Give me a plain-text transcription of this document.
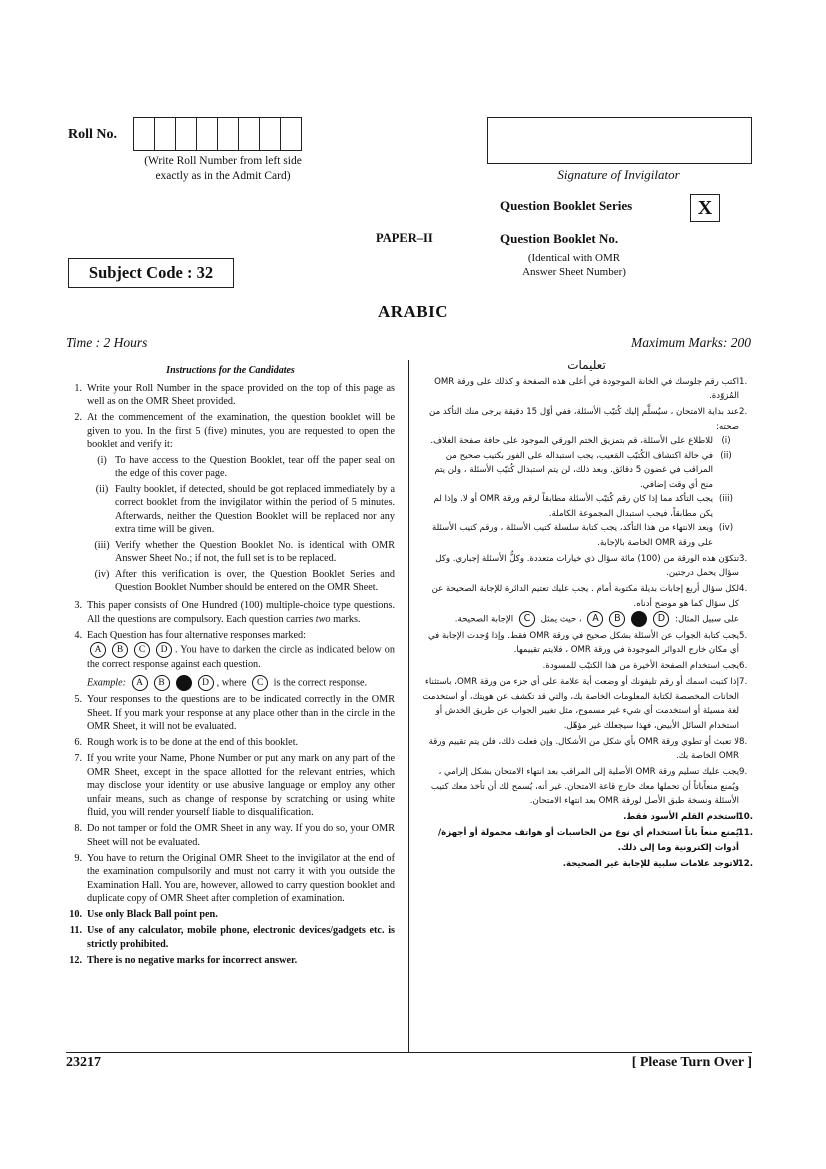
Roll No.
(Write Roll Number from left side
exactly as in the Admit Card)	Signature of Invigilator
Question Booklet Series	X
PAPER–II	Question Booklet No.
(Identical with OMR
Answer Sheet Number)
Subject Code : 32
ARABIC
Time : 2 Hours	Maximum Marks: 200
Instructions for the Candidates
1. Write your Roll Number in the space provided on the top of this page as well as on the OMR Sheet provided.
2. At the commencement of the examination, the question booklet will be given to you. In the first 5 (five) minutes, you are requested to open the booklet and verify it:
(i) To have access to the Question Booklet, tear off the paper seal on the edge of this cover page.
(ii) Faulty booklet, if detected, should be got replaced immediately by a correct booklet from the invigilator within the period of 5 minutes. Afterwards, neither the Question Booklet will be replaced nor any extra time will be given.
(iii) Verify whether the Question Booklet No. is identical with OMR Answer Sheet No.; if not, the full set is to be replaced.
(iv) After this verification is over, the Question Booklet Series and Question Booklet Number should be entered on the OMR Sheet.
3. This paper consists of One Hundred (100) multiple-choice type questions. All the questions are compulsory. Each question carries two marks.
4. Each Question has four alternative responses marked:
A B C D . You have to darken the circle as indicated below on the correct response against each question.
Example: A B C D , where C is the correct response.
5. Your responses to the questions are to be indicated correctly in the OMR Sheet. If you mark your response at any place other than in the circle in the OMR Sheet, it will not be evaluated.
6. Rough work is to be done at the end of this booklet.
7. If you write your Name, Phone Number or put any mark on any part of the OMR Sheet, except in the space allotted for the relevant entries, which may disclose your identity or use abusive language or employ any other unfair means, such as change of response by scratching or using white fluid, you will render yourself liable to disqualification.
8. Do not tamper or fold the OMR Sheet in any way. If you do so, your OMR Sheet will not be evaluated.
9. You have to return the Original OMR Sheet to the invigilator at the end of the examination compulsorily and must not carry it with you outside the Examination Hall. You are, however, allowed to carry question booklet and duplicate copy of OMR Sheet after completion of examination.
10. Use only Black Ball point pen.
11. Use of any calculator, mobile phone, electronic devices/gadgets etc. is strictly prohibited.
12. There is no negative marks for incorrect answer.
تعليمات
.1
اكتب رقم جلوسك في الخانة الموجودة في أعلى هذه الصفحة و كذلك على ورقة OMR المُزوّدة.
.2
عند بداية الامتحان ، سيُسلَّم إليك كُتيّب الأسئلة، ففي أوّل 15 دقيقة يرجى منك التأكد من صحته:
(i)
للاطلاع على الأسئلة، قم بتمزيق الختم الورقي الموجود على حافة صفحة الغلاف.
(ii)
في حالة اكتشاف الكُتيّب المَعيب، يجب استبداله على الفور بكتيب صحيح من المراقب في غضون 5 دقائق. وبعد ذلك، لن يتم استبدال كُتيّب الأسئلة ، ولن يتم منح أي وقت إضافي.
(iii)
يجب التأكد مما إذا كان رقم كُتيّب الأسئلة مطابقاً لرقم ورقة OMR أو لا. وإذا لم يكن مطابقاً، فيجب استبدال المجموعة الكاملة.
(iv)
وبعد الانتهاء من هذا التأكد، يجب كتابة سلسلة كتيب الأسئلة ، ورقم كتيب الأسئلة على ورقة OMR الخاصة بالإجابة.
.3
تتكوّن هذه الورقة من (100) مائة سؤال ذي خيارات متعددة. وكلُّ الأسئلة إجباري. وكل سؤال يحمل درجتين.
.4
لكل سؤال أربع إجابات بديلة مكتوبة أمام . يجب عليك تعتيم الدائرة للإجابة الصحيحة عن كل سؤال كما هو موضح أدناه.
على سبيل المثال: A B C D ، حيث يمثل C الإجابة الصحيحة.
.5
يجب كتابة الجواب عن الأسئلة بشكل صحيح في ورقة OMR فقط. وإذا وُجدت الإجابة في أي مكان خارج الدوائر الموجودة في ورقة OMR ، فلايتم تقييمها.
.6
يجب استخدام الصفحة الأخيرة من هذا الكتيّب للمسودة.
.7
إذا كتبت اسمك أو رقم تليفونك أو وضعت أية علامة على أي جزء من ورقة OMR، باستثناء الخانات المخصصة لكتابة المعلومات الخاصة بك، والتي قد تكشف عن هويتك، أو استخدمت لغة مسيئة أو استخدمت أي شيء غير مسموح، مثل تغيير الجواب عن طريق الخدش أو استخدام السائل الأبيض، فهذا سيجعلك غير مؤهّل.
.8
لا تعبث أو تطوي ورقة OMR بأي شكل من الأشكال. وإن فعلت ذلك، فلن يتم تقييم ورقة OMR الخاصة بك.
.9
يجب عليك تسليم ورقة OMR الأصلية إلى المراقب بعد انتهاء الامتحان بشكل إلزامي ، ويُمنع منعاًباتاً أن تحملها معك خارج قاعة الامتحان. غير أنه، يُسمح لك أن تأخذ معك كتيب الأسئلة ونسخة طبق الأصل لورقة OMR بعد انتهاء الامتحان.
.10
استخدم القلم الأسود فقط.
.11
يُمنع منعاً باتاً استخدام أي نوع من الحاسبات أو هواتف محمولة أو أجهزة/ أدوات إلكترونية وما إلى ذلك.
.12
لاتوجد علامات سلبية للإجابة غير الصحيحة.
23217	[ Please Turn Over ]
